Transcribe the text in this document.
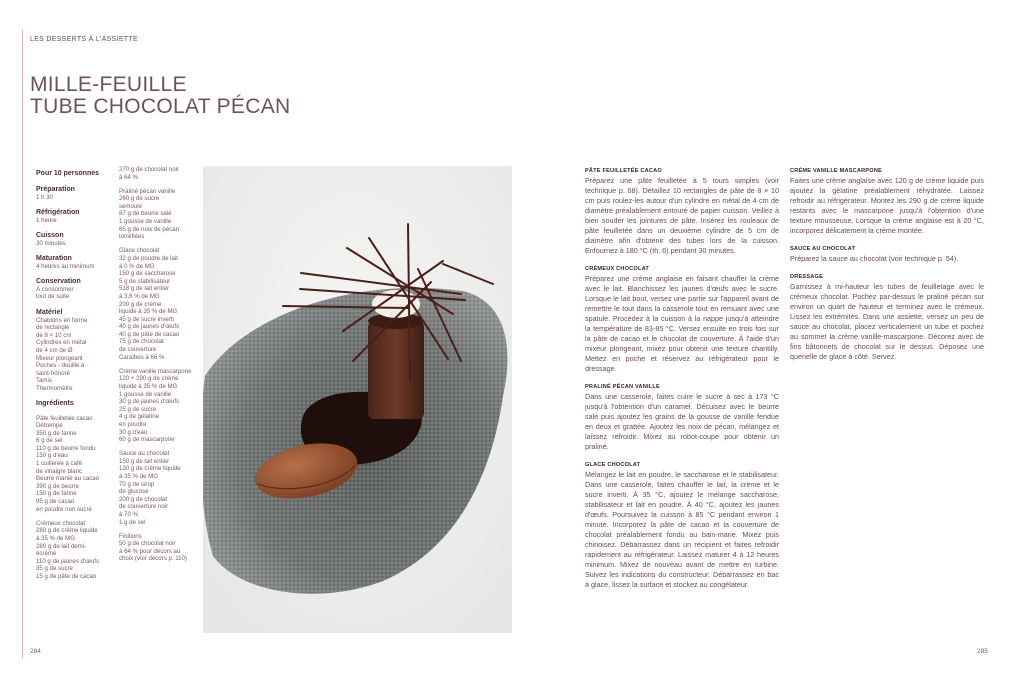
LES DESSERTS À L'ASSIETTE
MILLE-FEUILLE
TUBE CHOCOLAT PÉCAN
Pour 10 personnes
Préparation
1 h 30
Réfrigération
1 heure
Cuisson
30 minutes
Maturation
4 heures au minimum
Conservation
À consommer
tout de suite
Matériel
Chablons en forme
de rectangle
de 8 × 10 cm
Cylindres en métal
de 4 cm de Ø
Mixeur plongeant
Poches - douille à
saint-honoré
Tamis
Thermomètre
Ingrédients
Pâte feuilletée cacao
Détrempe
350 g de farine
6 g de sel
110 g de beurre fondu
150 g d'eau
1 cuillerée à café
de vinaigre blanc
Beurre manié au cacao
390 g de beurre
150 g de farine
95 g de cacao
en poudre non sucré
Crémeux chocolat
280 g de crème liquide
à 35 % de MG
280 g de lait demi-
écrémé
110 g de jaunes d'œufs
35 g de sucre
15 g de pâte de cacao
270 g de chocolat noir
à 64 %
Praliné pécan vanille
260 g de sucre
semoule
87 g de beurre salé
1 gousse de vanille
65 g de noix de pécan
torréfiées
Glace chocolat
32 g de poudre de lait
à 0 % de MG
150 g de saccharose
5 g de stabilisateur
518 g de lait entier
à 3,6 % de MG
200 g de crème
liquide à 35 % de MG
45 g de sucre inverti
40 g de jaunes d'œufs
40 g de pâte de cacao
75 g de chocolat
de couverture
Caraïbes à 66 %
Crème vanille mascarpone
120 + 290 g de crème
liquide à 35 % de MG
1 gousse de vanille
30 g de jaunes d'œufs
25 g de sucre
4 g de gélatine
en poudre
30 g d'eau
60 g de mascarpone
Sauce au chocolat
150 g de lait entier
130 g de crème liquide
à 35 % de MG
70 g de sirop
de glucose
200 g de chocolat
de couverture noir
à 70 %
1 g de sel
Finitions
50 g de chocolat noir
à 64 % pour décors au
choix (voir décors p. 110)
284
PÂTE FEUILLETÉE CACAO
Préparez une pâte feuilletée à 5 tours simples (voir technique p. 68). Détaillez 10 rectangles de pâte de 8 × 10 cm puis roulez-les autour d'un cylindre en métal de 4 cm de diamètre préalablement entouré de papier cuisson. Veillez à bien souder les jointures de pâte. Insérez les rouleaux de pâte feuilletée dans un deuxième cylindre de 5 cm de diamètre afin d'obtenir des tubes lors de la cuisson. Enfournez à 180 °C (th. 6) pendant 30 minutes.
CRÉMEUX CHOCOLAT
Préparez une crème anglaise en faisant chauffer la crème avec le lait. Blanchissez les jaunes d'œufs avec le sucre. Lorsque le lait bout, versez une partie sur l'appareil avant de remettre le tout dans la casserole tout en remuant avec une spatule. Procédez à la cuisson à la nappe jusqu'à atteindre la température de 83-85 °C. Versez ensuite en trois fois sur la pâte de cacao et le chocolat de couverture. À l'aide d'un mixeur plongeant, mixez pour obtenir une texture chantilly. Mettez en poche et réservez au réfrigérateur pour le dressage.
PRALINÉ PÉCAN VANILLE
Dans une casserole, faites cuire le sucre à sec à 173 °C jusqu'à l'obtention d'un caramel. Décuisez avec le beurre salé puis ajoutez les grains de la gousse de vanille fendue en deux et grattée. Ajoutez les noix de pécan, mélangez et laissez refroidir. Mixez au robot-coupe pour obtenir un praliné.
GLACE CHOCOLAT
Mélangez le lait en poudre, le saccharose et le stabilisateur. Dans une casserole, faites chauffer le lait, la crème et le sucre inverti. À 35 °C, ajoutez le mélange saccharose, stabilisateur et lait en poudre. À 40 °C, ajoutez les jaunes d'œufs. Poursuivez la cuisson à 85 °C pendant environ 1 minute. Incorporez la pâte de cacao et la couverture de chocolat préalablement fondu au bain-marie. Mixez puis chinoisez. Débarrassez dans un récipient et faites refroidir rapidement au réfrigérateur. Laissez maturer 4 à 12 heures minimum. Mixez de nouveau avant de mettre en turbine. Suivez les indications du constructeur. Débarrassez en bac à glace, lissez la surface et stockez au congélateur.
CRÈME VANILLE MASCARPONE
Faites une crème anglaise avec 120 g de crème liquide puis ajoutez la gélatine préalablement réhydratée. Laissez refroidir au réfrigérateur. Montez les 290 g de crème liquide restants avec le mascarpone jusqu'à l'obtention d'une texture mousseuse. Lorsque la crème anglaise est à 20 °C, incorporez délicatement la crème montée.
SAUCE AU CHOCOLAT
Préparez la sauce au chocolat (voir technique p. 54).
DRESSAGE
Garnissez à mi-hauteur les tubes de feuilletage avec le crémeux chocolat. Pochez par-dessus le praliné pécan sur environ un quart de hauteur et terminez avec le crémeux. Lissez les extrémités. Dans une assiette, versez un peu de sauce au chocolat, placez verticalement un tube et pochez au sommet la crème vanille-mascarpone. Décorez avec de fins bâtonnets de chocolat sur le dessus. Déposez une quenelle de glace à côté. Servez.
285
